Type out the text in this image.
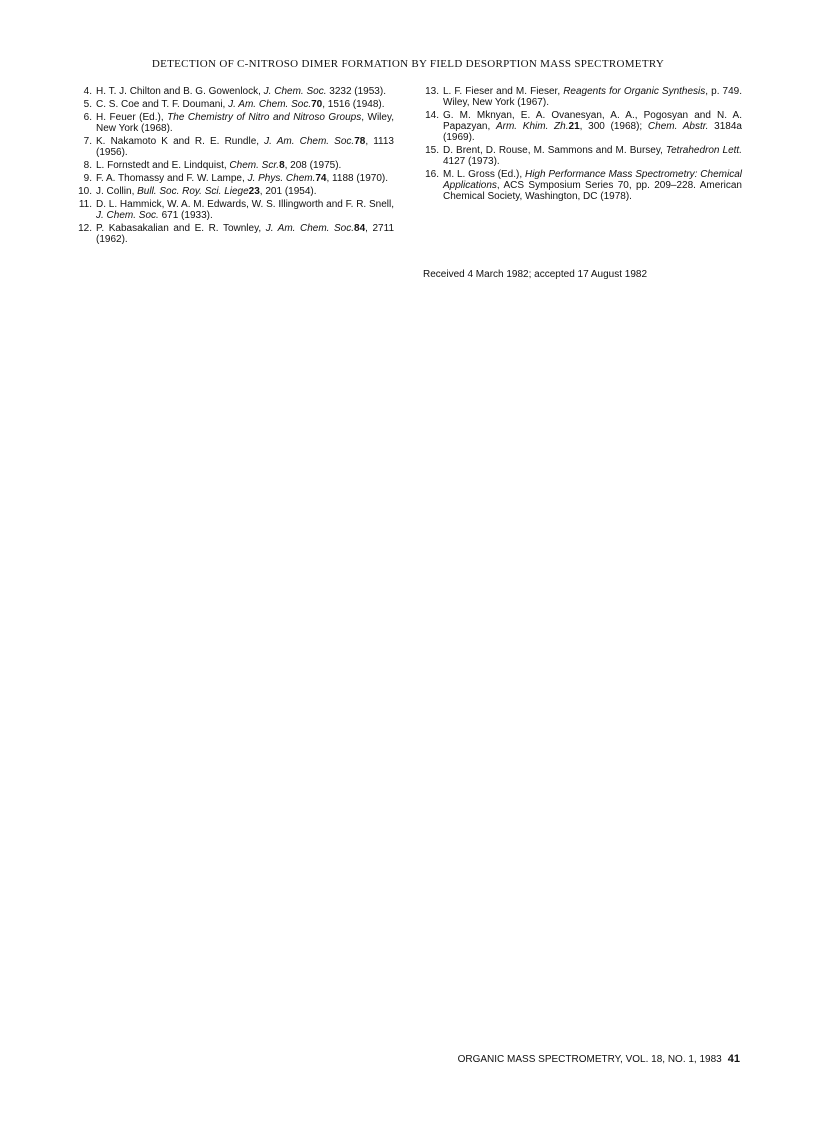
DETECTION OF C-NITROSO DIMER FORMATION BY FIELD DESORPTION MASS SPECTROMETRY
4. H. T. J. Chilton and B. G. Gowenlock, J. Chem. Soc. 3232 (1953).
5. C. S. Coe and T. F. Doumani, J. Am. Chem. Soc.70, 1516 (1948).
6. H. Feuer (Ed.), The Chemistry of Nitro and Nitroso Groups, Wiley, New York (1968).
7. K. Nakamoto K and R. E. Rundle, J. Am. Chem. Soc.78, 1113 (1956).
8. L. Fornstedt and E. Lindquist, Chem. Scr.8, 208 (1975).
9. F. A. Thomassy and F. W. Lampe, J. Phys. Chem.74, 1188 (1970).
10. J. Collin, Bull. Soc. Roy. Sci. Liege23, 201 (1954).
11. D. L. Hammick, W. A. M. Edwards, W. S. Illingworth and F. R. Snell, J. Chem. Soc. 671 (1933).
12. P. Kabasakalian and E. R. Townley, J. Am. Chem. Soc.84, 2711 (1962).
13. L. F. Fieser and M. Fieser, Reagents for Organic Synthesis, p. 749. Wiley, New York (1967).
14. G. M. Mknyan, E. A. Ovanesyan, A. A., Pogosyan and N. A. Papazyan, Arm. Khim. Zh.21, 300 (1968); Chem. Abstr. 3184a (1969).
15. D. Brent, D. Rouse, M. Sammons and M. Bursey, Tetrahedron Lett. 4127 (1973).
16. M. L. Gross (Ed.), High Performance Mass Spectrometry: Chemical Applications, ACS Symposium Series 70, pp. 209–228. American Chemical Society, Washington, DC (1978).
Received 4 March 1982; accepted 17 August 1982
ORGANIC MASS SPECTROMETRY, VOL. 18, NO. 1, 1983 41
